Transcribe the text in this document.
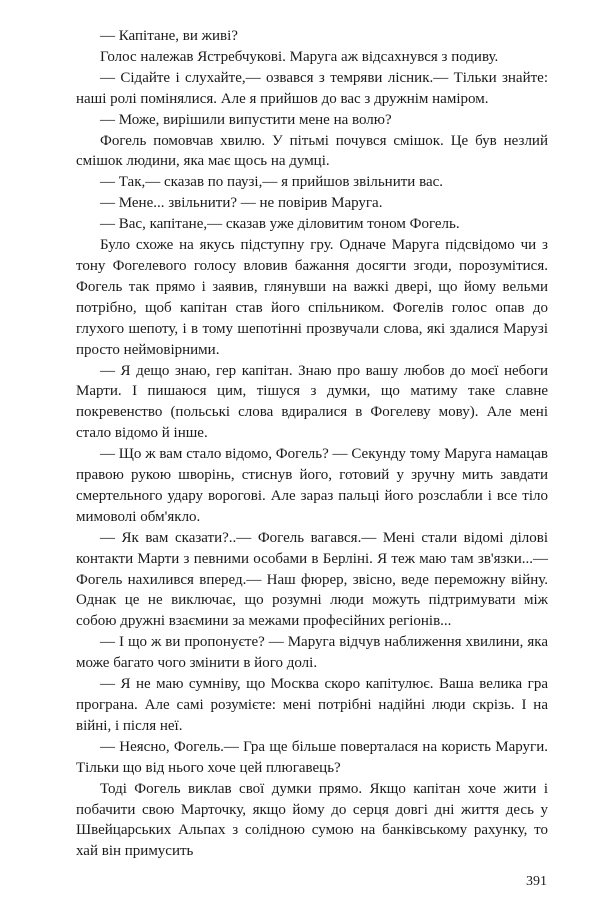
— Капітане, ви живі?

Голос належав Ястребчукові. Маруга аж відсахнувся з подиву.

— Сідайте і слухайте,— озвався з темряви лісник.— Тільки знайте: наші ролі помінялися. Але я прийшов до вас з дружнім наміром.

— Може, вирішили випустити мене на волю?

Фогель помовчав хвилю. У пітьмі почувся смішок. Це був незлий смішок людини, яка має щось на думці.

— Так,— сказав по паузі,— я прийшов звільнити вас.

— Мене... звільнити? — не повірив Маруга.

— Вас, капітане,— сказав уже діловитим тоном Фогель.

Було схоже на якусь підступну гру. Одначе Маруга підсвідомо чи з тону Фогелевого голосу вловив бажання досягти згоди, порозумітися. Фогель так прямо і заявив, глянувши на важкі двері, що йому вельми потрібно, щоб капітан став його спільником. Фогелів голос опав до глухого шепоту, і в тому шепотінні прозвучали слова, які здалися Марузі просто неймовірними.

— Я дещо знаю, гер капітан. Знаю про вашу любов до моєї небоги Марти. І пишаюся цим, тішуся з думки, що матиму таке славне покревенство (польські слова вдиралися в Фогелеву мову). Але мені стало відомо й інше.

— Що ж вам стало відомо, Фогель? — Секунду тому Маруга намацав правою рукою шворінь, стиснув його, готовий у зручну мить завдати смертельного удару ворогові. Але зараз пальці його розслабли і все тіло мимоволі обм'якло.

— Як вам сказати?..— Фогель вагався.— Мені стали відомі ділові контакти Марти з певними особами в Берліні. Я теж маю там зв'язки...— Фогель нахилився вперед.— Наш фюрер, звісно, веде переможну війну. Однак це не виключає, що розумні люди можуть підтримувати між собою дружні взаємини за межами професійних регіонів...

— І що ж ви пропонуєте? — Маруга відчув наближення хвилини, яка може багато чого змінити в його долі.

— Я не маю сумніву, що Москва скоро капітулює. Ваша велика гра програна. Але самі розумієте: мені потрібні надійні люди скрізь. І на війні, і після неї.

— Неясно, Фогель.— Гра ще більше поверталася на користь Маруги. Тільки що від нього хоче цей плюгавець?

Тоді Фогель виклав свої думки прямо. Якщо капітан хоче жити і побачити свою Марточку, якщо йому до серця довгі дні життя десь у Швейцарських Альпах з солідною сумою на банківському рахунку, то хай він примусить

391
